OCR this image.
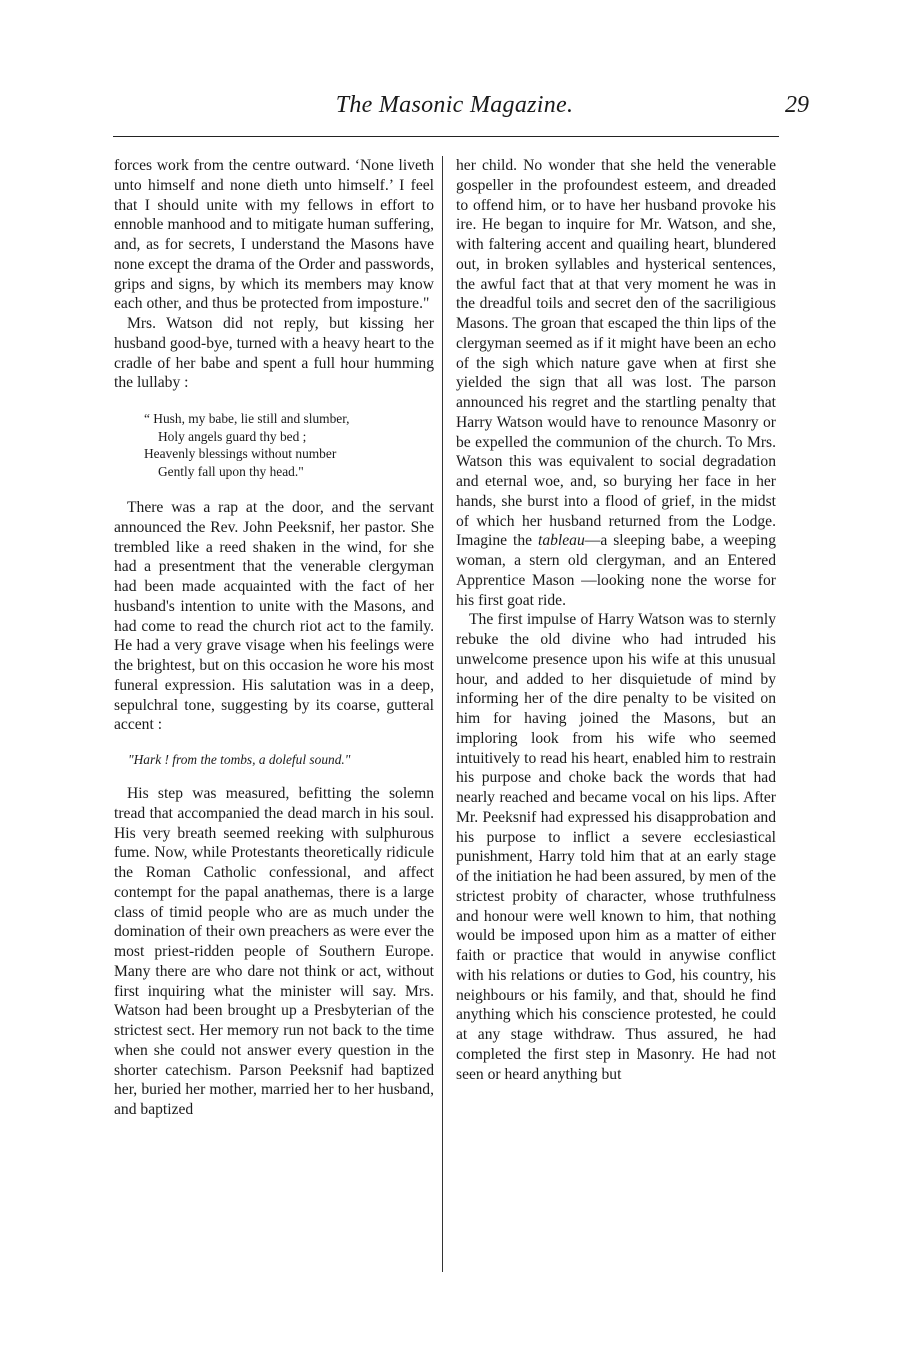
The Masonic Magazine.	29

forces work from the centre outward. ‘None liveth unto himself and none dieth unto himself.’ I feel that I should unite with my fellows in effort to ennoble manhood and to mitigate human suffering, and, as for secrets, I understand the Masons have none except the drama of the Order and passwords, grips and signs, by which its members may know each other, and thus be protected from imposture."

Mrs. Watson did not reply, but kissing her husband good-bye, turned with a heavy heart to the cradle of her babe and spent a full hour humming the lullaby :

“ Hush, my babe, lie still and slumber,
Holy angels guard thy bed ;
Heavenly blessings without number
Gently fall upon thy head."

There was a rap at the door, and the servant announced the Rev. John Peeksnif, her pastor. She trembled like a reed shaken in the wind, for she had a presentment that the venerable clergyman had been made acquainted with the fact of her husband's intention to unite with the Masons, and had come to read the church riot act to the family. He had a very grave visage when his feelings were the brightest, but on this occasion he wore his most funeral expression. His salutation was in a deep, sepulchral tone, suggesting by its coarse, gutteral accent :

"Hark ! from the tombs, a doleful sound."

His step was measured, befitting the solemn tread that accompanied the dead march in his soul. His very breath seemed reeking with sulphurous fume. Now, while Protestants theoretically ridicule the Roman Catholic confessional, and affect contempt for the papal anathemas, there is a large class of timid people who are as much under the domination of their own preachers as were ever the most priest-ridden people of Southern Europe. Many there are who dare not think or act, without first inquiring what the minister will say. Mrs. Watson had been brought up a Presbyterian of the strictest sect. Her memory run not back to the time when she could not answer every question in the shorter catechism. Parson Peeksnif had baptized her, buried her mother, married her to her husband, and baptized

her child. No wonder that she held the venerable gospeller in the profoundest esteem, and dreaded to offend him, or to have her husband provoke his ire. He began to inquire for Mr. Watson, and she, with faltering accent and quailing heart, blundered out, in broken syllables and hysterical sentences, the awful fact that at that very moment he was in the dreadful toils and secret den of the sacriligious Masons. The groan that escaped the thin lips of the clergyman seemed as if it might have been an echo of the sigh which nature gave when at first she yielded the sign that all was lost. The parson announced his regret and the startling penalty that Harry Watson would have to renounce Masonry or be expelled the communion of the church. To Mrs. Watson this was equivalent to social degradation and eternal woe, and, so burying her face in her hands, she burst into a flood of grief, in the midst of which her husband returned from the Lodge. Imagine the tableau—a sleeping babe, a weeping woman, a stern old clergyman, and an Entered Apprentice Mason —looking none the worse for his first goat ride.

The first impulse of Harry Watson was to sternly rebuke the old divine who had intruded his unwelcome presence upon his wife at this unusual hour, and added to her disquietude of mind by informing her of the dire penalty to be visited on him for having joined the Masons, but an imploring look from his wife who seemed intuitively to read his heart, enabled him to restrain his purpose and choke back the words that had nearly reached and became vocal on his lips. After Mr. Peeksnif had expressed his disapprobation and his purpose to inflict a severe ecclesiastical punishment, Harry told him that at an early stage of the initiation he had been assured, by men of the strictest probity of character, whose truthfulness and honour were well known to him, that nothing would be imposed upon him as a matter of either faith or practice that would in anywise conflict with his relations or duties to God, his country, his neighbours or his family, and that, should he find anything which his conscience protested, he could at any stage withdraw. Thus assured, he had completed the first step in Masonry. He had not seen or heard anything but
